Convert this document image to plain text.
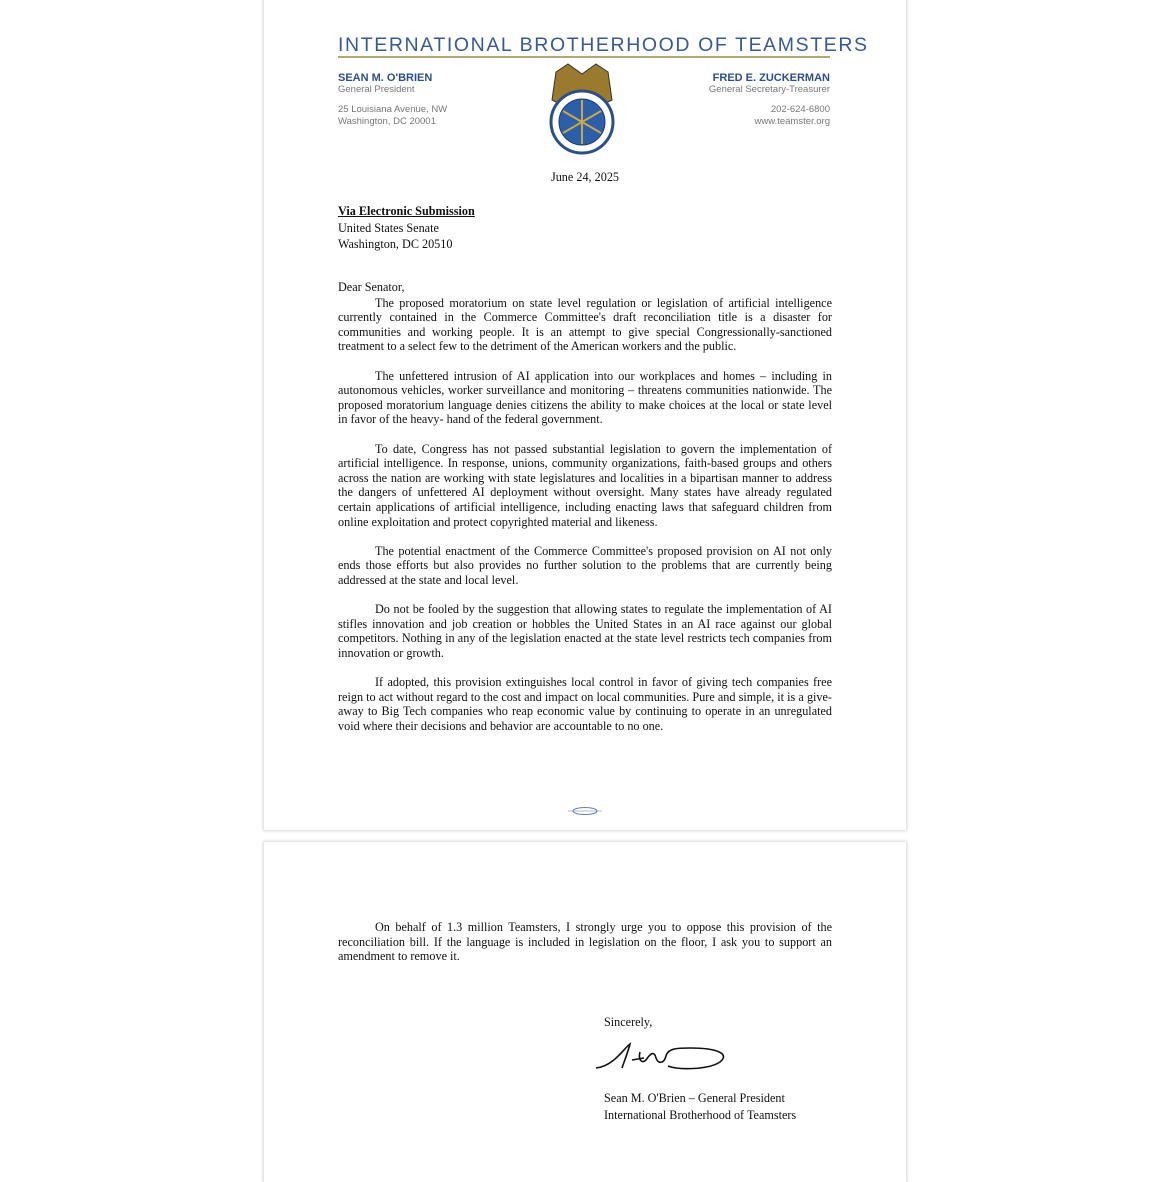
INTERNATIONAL BROTHERHOOD OF TEAMSTERS
SEAN M. O'BRIEN
General President
25 Louisiana Avenue, NW
Washington, DC 20001
FRED E. ZUCKERMAN
General Secretary-Treasurer
202-624-6800
www.teamster.org
June 24, 2025
Via Electronic Submission
United States Senate
Washington, DC 20510
Dear Senator,

The proposed moratorium on state level regulation or legislation of artificial intelligence currently contained in the Commerce Committee's draft reconciliation title is a disaster for communities and working people. It is an attempt to give special Congressionally-sanctioned treatment to a select few to the detriment of the American workers and the public.

The unfettered intrusion of AI application into our workplaces and homes – including in autonomous vehicles, worker surveillance and monitoring – threatens communities nationwide. The proposed moratorium language denies citizens the ability to make choices at the local or state level in favor of the heavy- hand of the federal government.

To date, Congress has not passed substantial legislation to govern the implementation of artificial intelligence. In response, unions, community organizations, faith-based groups and others across the nation are working with state legislatures and localities in a bipartisan manner to address the dangers of unfettered AI deployment without oversight. Many states have already regulated certain applications of artificial intelligence, including enacting laws that safeguard children from online exploitation and protect copyrighted material and likeness.

The potential enactment of the Commerce Committee's proposed provision on AI not only ends those efforts but also provides no further solution to the problems that are currently being addressed at the state and local level.

Do not be fooled by the suggestion that allowing states to regulate the implementation of AI stifles innovation and job creation or hobbles the United States in an AI race against our global competitors. Nothing in any of the legislation enacted at the state level restricts tech companies from innovation or growth.

If adopted, this provision extinguishes local control in favor of giving tech companies free reign to act without regard to the cost and impact on local communities. Pure and simple, it is a give-away to Big Tech companies who reap economic value by continuing to operate in an unregulated void where their decisions and behavior are accountable to no one.

On behalf of 1.3 million Teamsters, I strongly urge you to oppose this provision of the reconciliation bill. If the language is included in legislation on the floor, I ask you to support an amendment to remove it.

Sincerely,
Sean M. O'Brien – General President
International Brotherhood of Teamsters
